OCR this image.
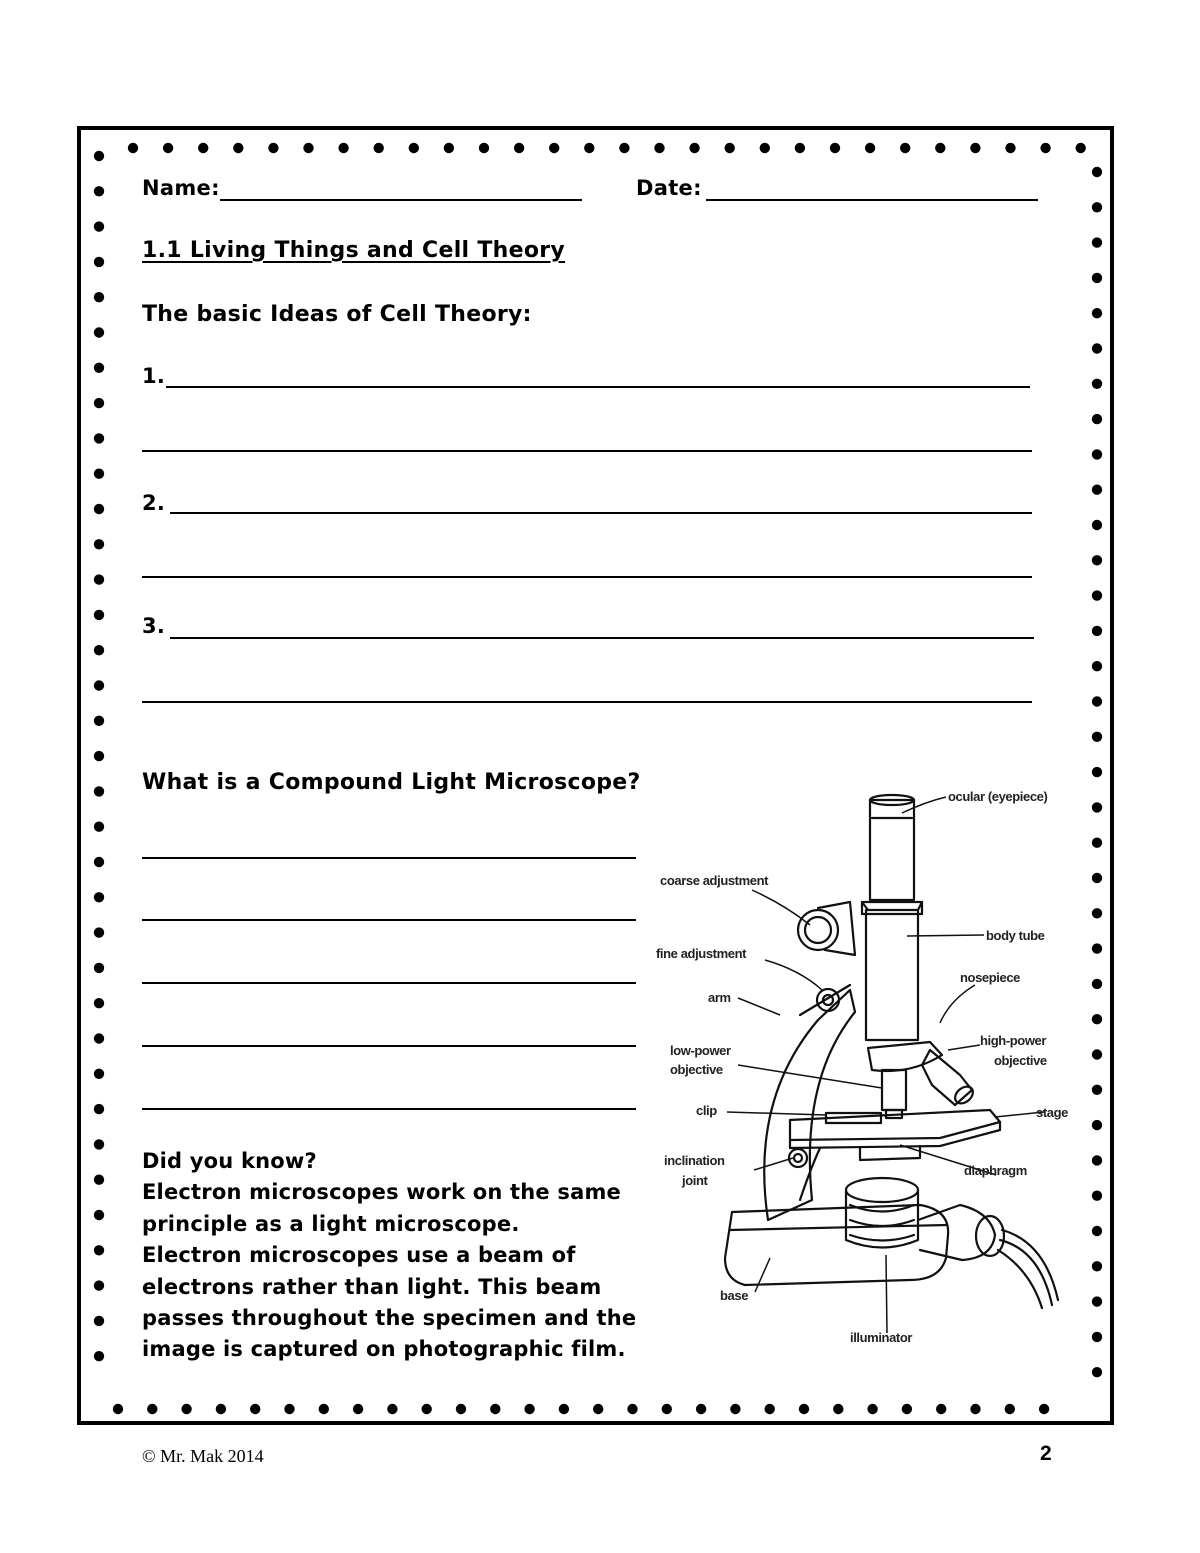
Name:	Date:
1.1 Living Things and Cell Theory
The basic Ideas of Cell Theory:
1.
2.
3.
What is a Compound Light Microscope?
Did you know?
Electron microscopes work on the same
principle as a light microscope.
Electron microscopes use a beam of
electrons rather than light. This beam
passes throughout the specimen and the
image is captured on photographic film.
ocular (eyepiece)
coarse adjustment
body tube
fine adjustment
nosepiece
arm
high-power
objective
low-power
objective
clip	stage
inclination
joint
diaphragm
base
illuminator
© Mr. Mak 2014	2
